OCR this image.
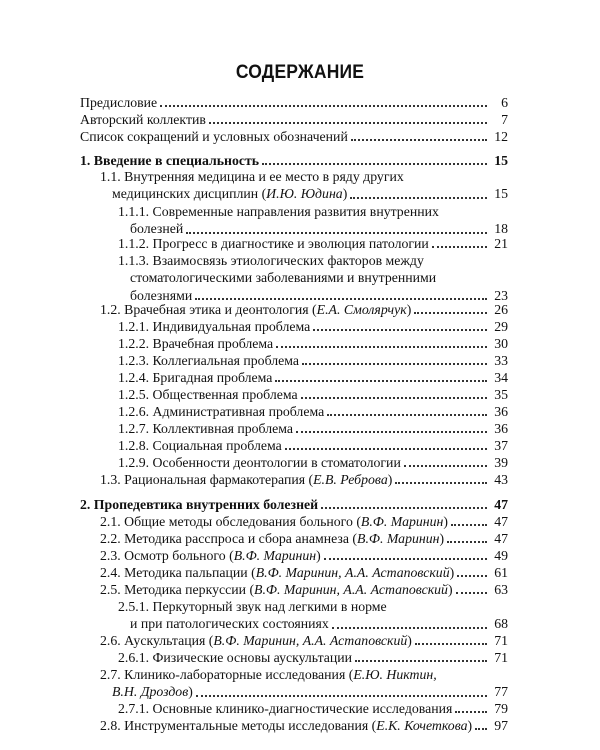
СОДЕРЖАНИЕ
Предисловие	6
Авторский коллектив	7
Список сокращений и условных обозначений	12
1. Введение в специальность	15
1.1. Внутренняя медицина и ее место в ряду других
медицинских дисциплин (И.Ю. Юдина)	15
1.1.1. Современные направления развития внутренних
болезней	18
1.1.2. Прогресс в диагностике и эволюция патологии	21
1.1.3. Взаимосвязь этиологических факторов между
стоматологическими заболеваниями и внутренними
болезнями	23
1.2. Врачебная этика и деонтология (Е.А. Смолярчук)	26
1.2.1. Индивидуальная проблема	29
1.2.2. Врачебная проблема	30
1.2.3. Коллегиальная проблема	33
1.2.4. Бригадная проблема	34
1.2.5. Общественная проблема	35
1.2.6. Административная проблема	36
1.2.7. Коллективная проблема	36
1.2.8. Социальная проблема	37
1.2.9. Особенности деонтологии в стоматологии	39
1.3. Рациональная фармакотерапия (Е.В. Реброва)	43
2. Пропедевтика внутренних болезней	47
2.1. Общие методы обследования больного (В.Ф. Маринин)	47
2.2. Методика расспроса и сбора анамнеза (В.Ф. Маринин)	47
2.3. Осмотр больного (В.Ф. Маринин)	49
2.4. Методика пальпации (В.Ф. Маринин, А.А. Астаповский)	61
2.5. Методика перкуссии (В.Ф. Маринин, А.А. Астаповский)	63
2.5.1. Перкуторный звук над легкими в норме
и при патологических состояниях	68
2.6. Аускультация (В.Ф. Маринин, А.А. Астаповский)	71
2.6.1. Физические основы аускультации	71
2.7. Клинико-лабораторные исследования (Е.Ю. Никтин,
В.Н. Дроздов)	77
2.7.1. Основные клинико-диагностические исследования	79
2.8. Инструментальные методы исследования (Е.К. Кочеткова)	97
